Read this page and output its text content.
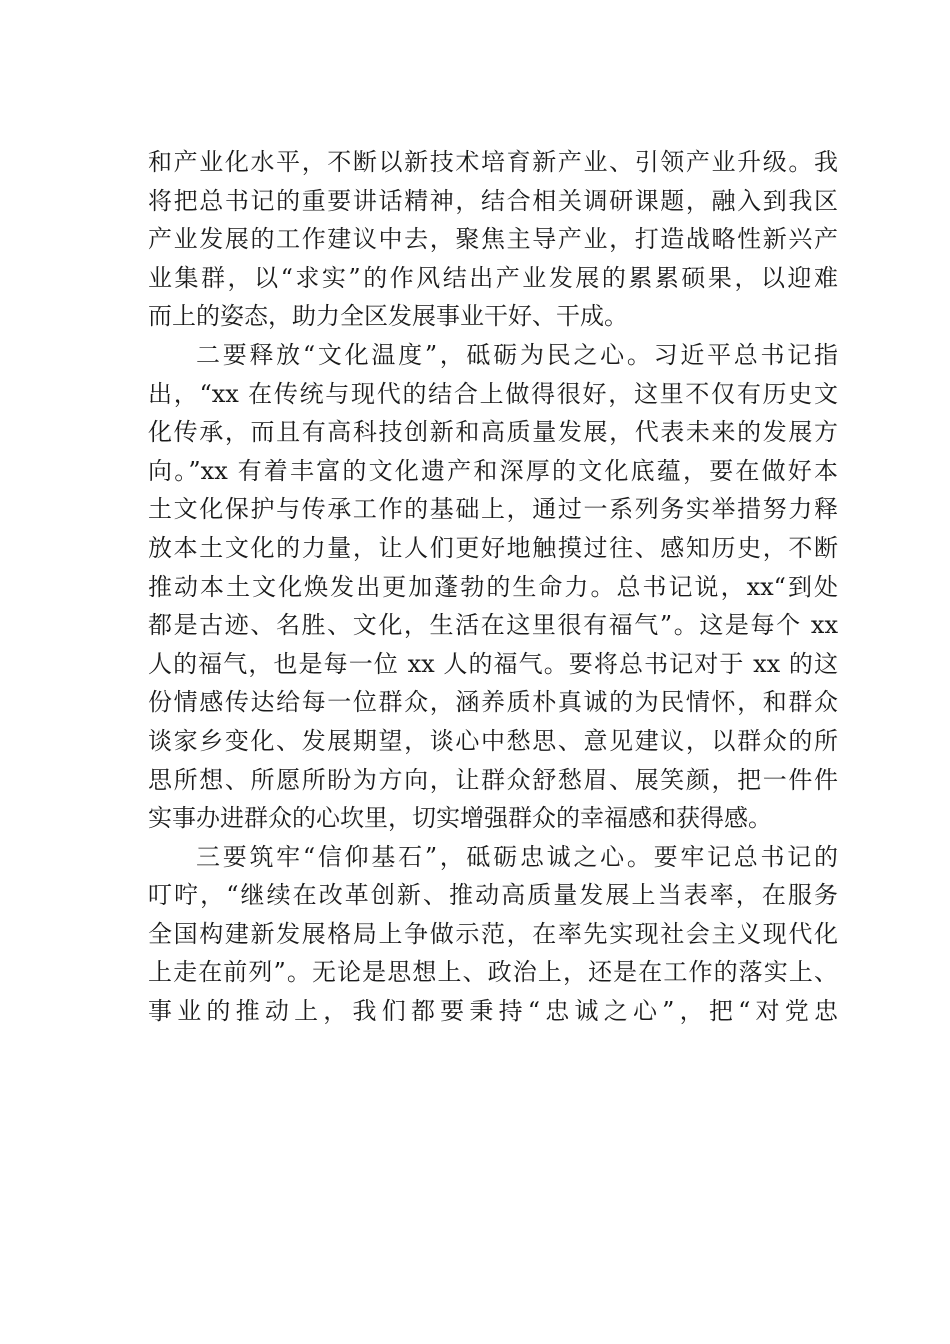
和产业化水平，不断以新技术培育新产业、引领产业升级。我
将把总书记的重要讲话精神，结合相关调研课题，融入到我区
产业发展的工作建议中去，聚焦主导产业，打造战略性新兴产
业集群，以“求实”的作风结出产业发展的累累硕果，以迎难
而上的姿态，助力全区发展事业干好、干成。
二要释放“文化温度”，砥砺为民之心。习近平总书记指
出，“xx 在传统与现代的结合上做得很好，这里不仅有历史文
化传承，而且有高科技创新和高质量发展，代表未来的发展方
向。”xx 有着丰富的文化遗产和深厚的文化底蕴，要在做好本
土文化保护与传承工作的基础上，通过一系列务实举措努力释
放本土文化的力量，让人们更好地触摸过往、感知历史，不断
推动本土文化焕发出更加蓬勃的生命力。总书记说，xx“到处
都是古迹、名胜、文化，生活在这里很有福气”。这是每个 xx
人的福气，也是每一位 xx 人的福气。要将总书记对于 xx 的这
份情感传达给每一位群众，涵养质朴真诚的为民情怀，和群众
谈家乡变化、发展期望，谈心中愁思、意见建议，以群众的所
思所想、所愿所盼为方向，让群众舒愁眉、展笑颜，把一件件
实事办进群众的心坎里，切实增强群众的幸福感和获得感。
三要筑牢“信仰基石”，砥砺忠诚之心。要牢记总书记的
叮咛，“继续在改革创新、推动高质量发展上当表率，在服务
全国构建新发展格局上争做示范，在率先实现社会主义现代化
上走在前列”。无论是思想上、政治上，还是在工作的落实上、
事业的推动上，我们都要秉持“忠诚之心”，把“对党忠
